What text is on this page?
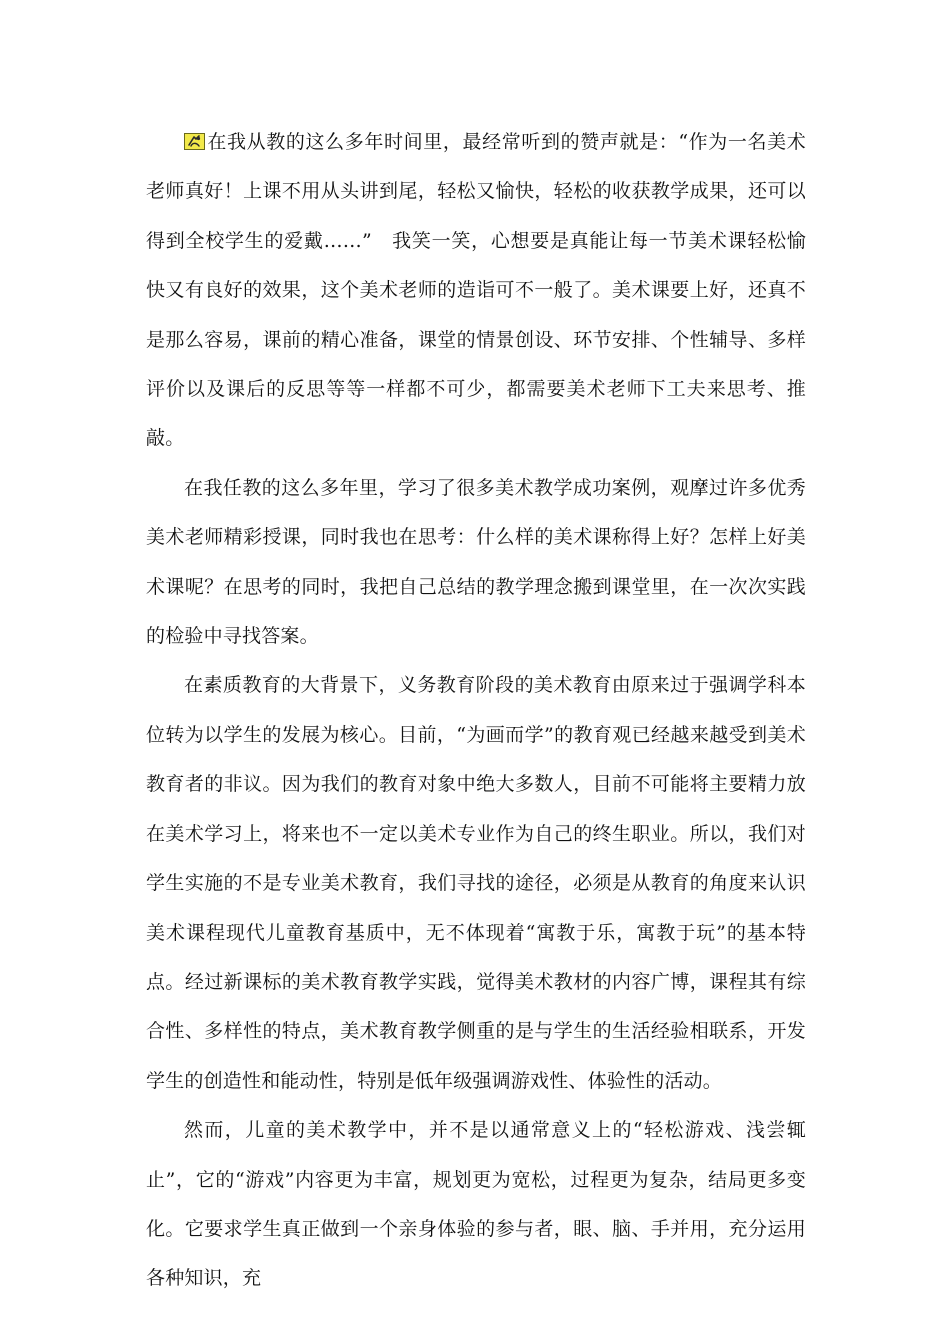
在我从教的这么多年时间里，最经常听到的赞声就是：“作为一名美术老师真好！上课不用从头讲到尾，轻松又愉快，轻松的收获教学成果，还可以得到全校学生的爱戴……”　我笑一笑，心想要是真能让每一节美术课轻松愉快又有良好的效果，这个美术老师的造诣可不一般了。美术课要上好，还真不是那么容易，课前的精心准备，课堂的情景创设、环节安排、个性辅导、多样评价以及课后的反思等等一样都不可少，都需要美术老师下工夫来思考、推敲。

在我任教的这么多年里，学习了很多美术教学成功案例，观摩过许多优秀美术老师精彩授课，同时我也在思考：什么样的美术课称得上好？怎样上好美术课呢？在思考的同时，我把自己总结的教学理念搬到课堂里，在一次次实践的检验中寻找答案。

在素质教育的大背景下，义务教育阶段的美术教育由原来过于强调学科本位转为以学生的发展为核心。目前，“为画而学”的教育观已经越来越受到美术教育者的非议。因为我们的教育对象中绝大多数人，目前不可能将主要精力放在美术学习上，将来也不一定以美术专业作为自己的终生职业。所以，我们对学生实施的不是专业美术教育，我们寻找的途径，必须是从教育的角度来认识美术课程现代儿童教育基质中，无不体现着“寓教于乐，寓教于玩”的基本特点。经过新课标的美术教育教学实践，觉得美术教材的内容广博，课程其有综合性、多样性的特点，美术教育教学侧重的是与学生的生活经验相联系，开发学生的创造性和能动性，特别是低年级强调游戏性、体验性的活动。

然而，儿童的美术教学中，并不是以通常意义上的“轻松游戏、浅尝辄止”，它的“游戏”内容更为丰富，规划更为宽松，过程更为复杂，结局更多变化。它要求学生真正做到一个亲身体验的参与者，眼、脑、手并用，充分运用各种知识，充
